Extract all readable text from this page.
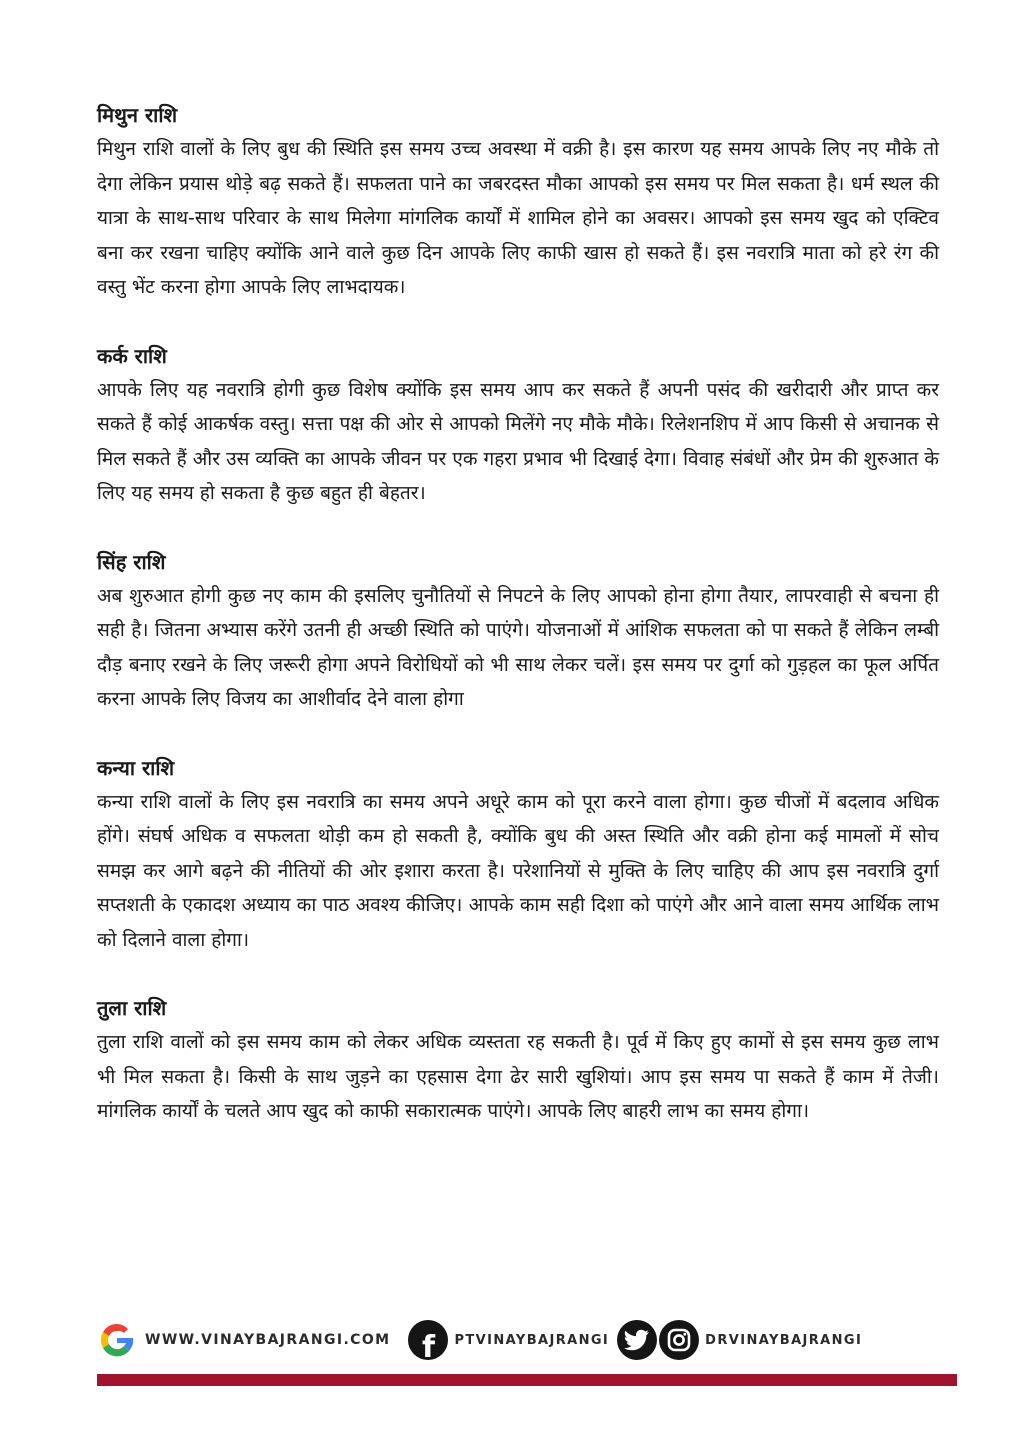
मिथुन राशि

मिथुन राशि वालों के लिए बुध की स्थिति इस समय उच्च अवस्था में वक्री है। इस कारण यह समय आपके लिए नए मौके तो देगा लेकिन प्रयास थोड़े बढ़ सकते हैं। सफलता पाने का जबरदस्त मौका आपको इस समय पर मिल सकता है। धर्म स्थल की यात्रा के साथ-साथ परिवार के साथ मिलेगा मांगलिक कार्यों में शामिल होने का अवसर। आपको इस समय खुद को एक्टिव बना कर रखना चाहिए क्योंकि आने वाले कुछ दिन आपके लिए काफी खास हो सकते हैं। इस नवरात्रि माता को हरे रंग की वस्तु भेंट करना होगा आपके लिए लाभदायक।

कर्क राशि

आपके लिए यह नवरात्रि होगी कुछ विशेष क्योंकि इस समय आप कर सकते हैं अपनी पसंद की खरीदारी और प्राप्त कर सकते हैं कोई आकर्षक वस्तु। सत्ता पक्ष की ओर से आपको मिलेंगे नए मौके मौके। रिलेशनशिप में आप किसी से अचानक से मिल सकते हैं और उस व्यक्ति का आपके जीवन पर एक गहरा प्रभाव भी दिखाई देगा। विवाह संबंधों और प्रेम की शुरुआत के लिए यह समय हो सकता है कुछ बहुत ही बेहतर।

सिंह राशि

अब शुरुआत होगी कुछ नए काम की इसलिए चुनौतियों से निपटने के लिए आपको होना होगा तैयार, लापरवाही से बचना ही सही है। जितना अभ्यास करेंगे उतनी ही अच्छी स्थिति को पाएंगे। योजनाओं में आंशिक सफलता को पा सकते हैं लेकिन लम्बी दौड़ बनाए रखने के लिए जरूरी होगा अपने विरोधियों को भी साथ लेकर चलें। इस समय पर दुर्गा को गुड़हल का फूल अर्पित करना आपके लिए विजय का आशीर्वाद देने वाला होगा

कन्या राशि

कन्या राशि वालों के लिए इस नवरात्रि का समय अपने अधूरे काम को पूरा करने वाला होगा। कुछ चीजों में बदलाव अधिक होंगे। संघर्ष अधिक व सफलता थोड़ी कम हो सकती है, क्योंकि बुध की अस्त स्थिति और वक्री होना कई मामलों में सोच समझ कर आगे बढ़ने की नीतियों की ओर इशारा करता है। परेशानियों से मुक्ति के लिए चाहिए की आप इस नवरात्रि दुर्गा सप्तशती के एकादश अध्याय का पाठ अवश्य कीजिए। आपके काम सही दिशा को पाएंगे और आने वाला समय आर्थिक लाभ को दिलाने वाला होगा।

तुला राशि

तुला राशि वालों को इस समय काम को लेकर अधिक व्यस्तता रह सकती है। पूर्व में किए हुए कामों से इस समय कुछ लाभ भी मिल सकता है। किसी के साथ जुड़ने का एहसास देगा ढेर सारी खुशियां। आप इस समय पा सकते हैं काम में तेजी। मांगलिक कार्यों के चलते आप खुद को काफी सकारात्मक पाएंगे। आपके लिए बाहरी लाभ का समय होगा।

WWW.VINAYBAJRANGI.COM f PTVINAYBAJRANGI	DRVINAYBAJRANGI
